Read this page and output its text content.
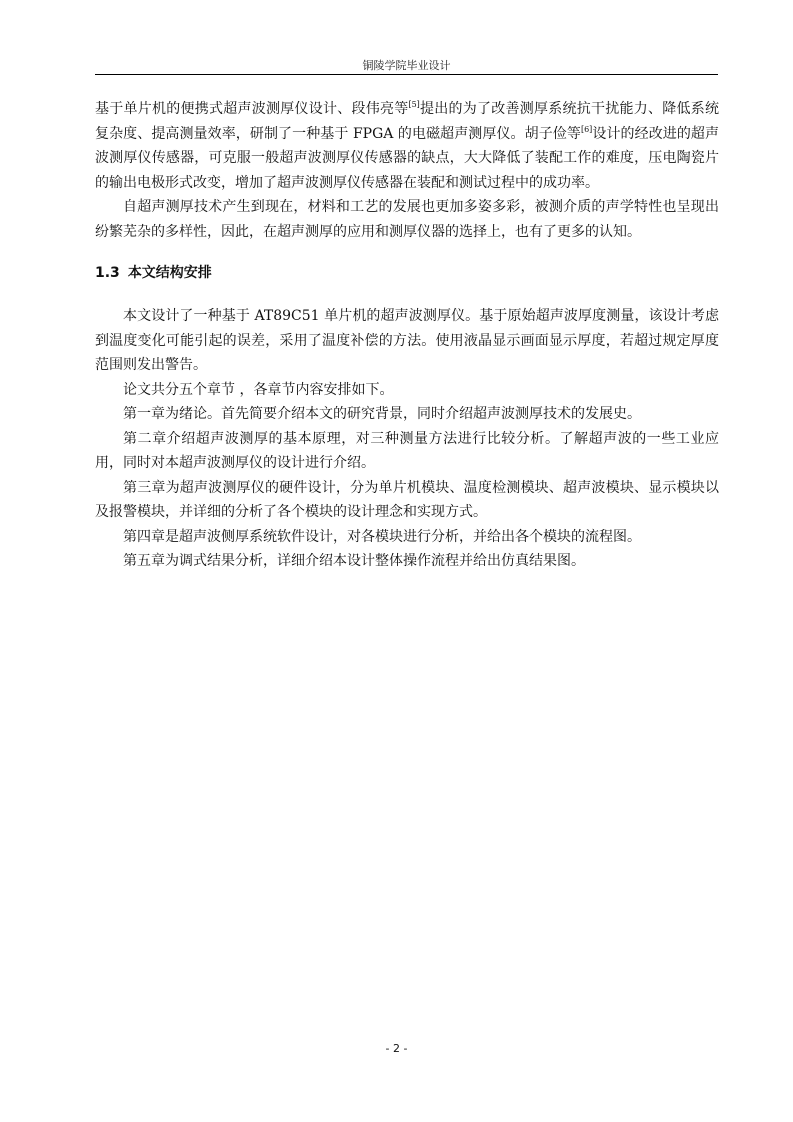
铜陵学院毕业设计

基于单片机的便携式超声波测厚仪设计、段伟亮等[5]提出的为了改善测厚系统抗干扰能力、降低系统复杂度、提高测量效率，研制了一种基于 FPGA 的电磁超声测厚仪。胡子俭等[6]设计的经改进的超声波测厚仪传感器，可克服一般超声波测厚仪传感器的缺点，大大降低了装配工作的难度，压电陶瓷片的输出电极形式改变，增加了超声波测厚仪传感器在装配和测试过程中的成功率。

自超声测厚技术产生到现在，材料和工艺的发展也更加多姿多彩，被测介质的声学特性也呈现出纷繁芜杂的多样性，因此，在超声测厚的应用和测厚仪器的选择上，也有了更多的认知。

1.3 本文结构安排

本文设计了一种基于 AT89C51 单片机的超声波测厚仪。基于原始超声波厚度测量，该设计考虑到温度变化可能引起的误差，采用了温度补偿的方法。使用液晶显示画面显示厚度，若超过规定厚度范围则发出警告。

论文共分五个章节 ，各章节内容安排如下。

第一章为绪论。首先简要介绍本文的研究背景，同时介绍超声波测厚技术的发展史。

第二章介绍超声波测厚的基本原理，对三种测量方法进行比较分析。了解超声波的一些工业应用，同时对本超声波测厚仪的设计进行介绍。

第三章为超声波测厚仪的硬件设计，分为单片机模块、温度检测模块、超声波模块、显示模块以及报警模块，并详细的分析了各个模块的设计理念和实现方式。

第四章是超声波侧厚系统软件设计，对各模块进行分析，并给出各个模块的流程图。

第五章为调式结果分析，详细介绍本设计整体操作流程并给出仿真结果图。

- 2 -
